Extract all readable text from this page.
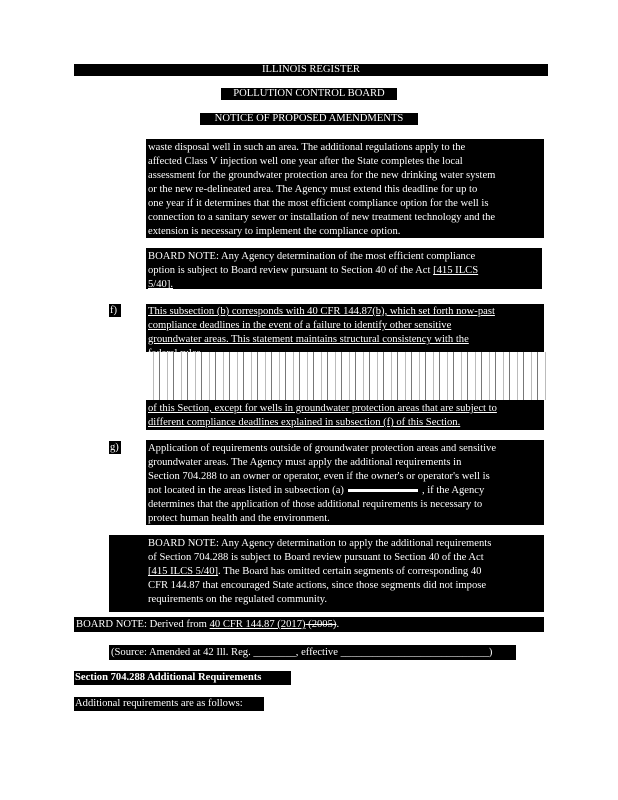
ILLINOIS REGISTER
POLLUTION CONTROL BOARD
NOTICE OF PROPOSED AMENDMENTS
waste disposal well in such an area. The additional regulations apply to the
affected Class V injection well one year after the State completes the local
assessment for the groundwater protection area for the new drinking water system
or the new re-delineated area. The Agency must extend this deadline for up to
one year if it determines that the most efficient compliance option for the well is
connection to a sanitary sewer or installation of new treatment technology and the
extension is necessary to implement the compliance option.
BOARD NOTE: Any Agency determination of the most efficient compliance
option is subject to Board review pursuant to Section 40 of the Act [415 ILCS
5/40].
f)	This subsection (b) corresponds with 40 CFR 144.87(b), which set forth now-past
compliance deadlines in the event of a failure to identify other sensitive
groundwater areas. This statement maintains structural consistency with the
of this Section, except for wells in groundwater protection areas that are subject to
different compliance deadlines explained in subsection (f) of this Section.
g)	Application of requirements outside of groundwater protection areas and sensitive
groundwater areas. The Agency must apply the additional requirements in
Section 704.288 to an owner or operator, even if the owner's or operator's well is
not located in the areas listed in subsection (a)	, if the Agency
determines that the application of those additional requirements is necessary to
protect human health and the environment.
BOARD NOTE: Any Agency determination to apply the additional requirements
of Section 704.288 is subject to Board review pursuant to Section 40 of the Act
[415 ILCS 5/40]. The Board has omitted certain segments of corresponding 40
CFR 144.87 that encouraged State actions, since those segments did not impose
requirements on the regulated community.
BOARD NOTE: Derived from 40 CFR 144.87 (2017) (2005).
(Source: Amended at 42 Ill. Reg. ________, effective ____________________________)
Section 704.288 Additional Requirements
Additional requirements are as follows:
